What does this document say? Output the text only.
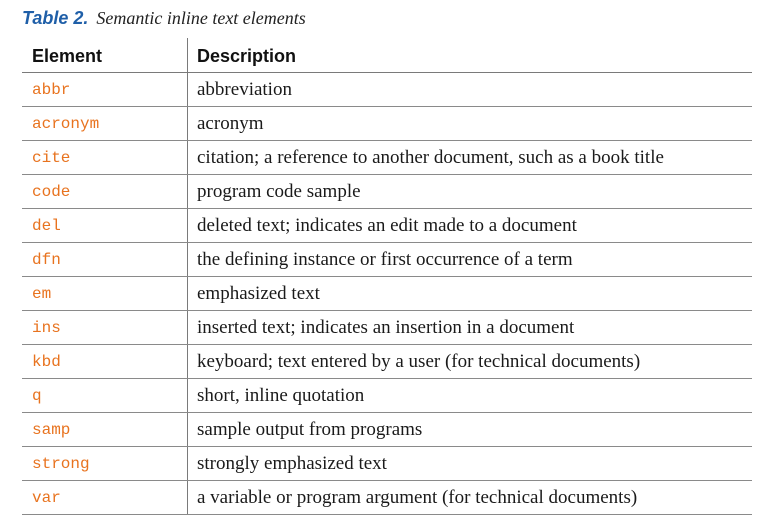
Table 2. Semantic inline text elements
Element	Description
abbr	abbreviation
acronym	acronym
cite	citation; a reference to another document, such as a book title
code	program code sample
del	deleted text; indicates an edit made to a document
dfn	the defining instance or first occurrence of a term
em	emphasized text
ins	inserted text; indicates an insertion in a document
kbd	keyboard; text entered by a user (for technical documents)
q	short, inline quotation
samp	sample output from programs
strong	strongly emphasized text
var	a variable or program argument (for technical documents)
